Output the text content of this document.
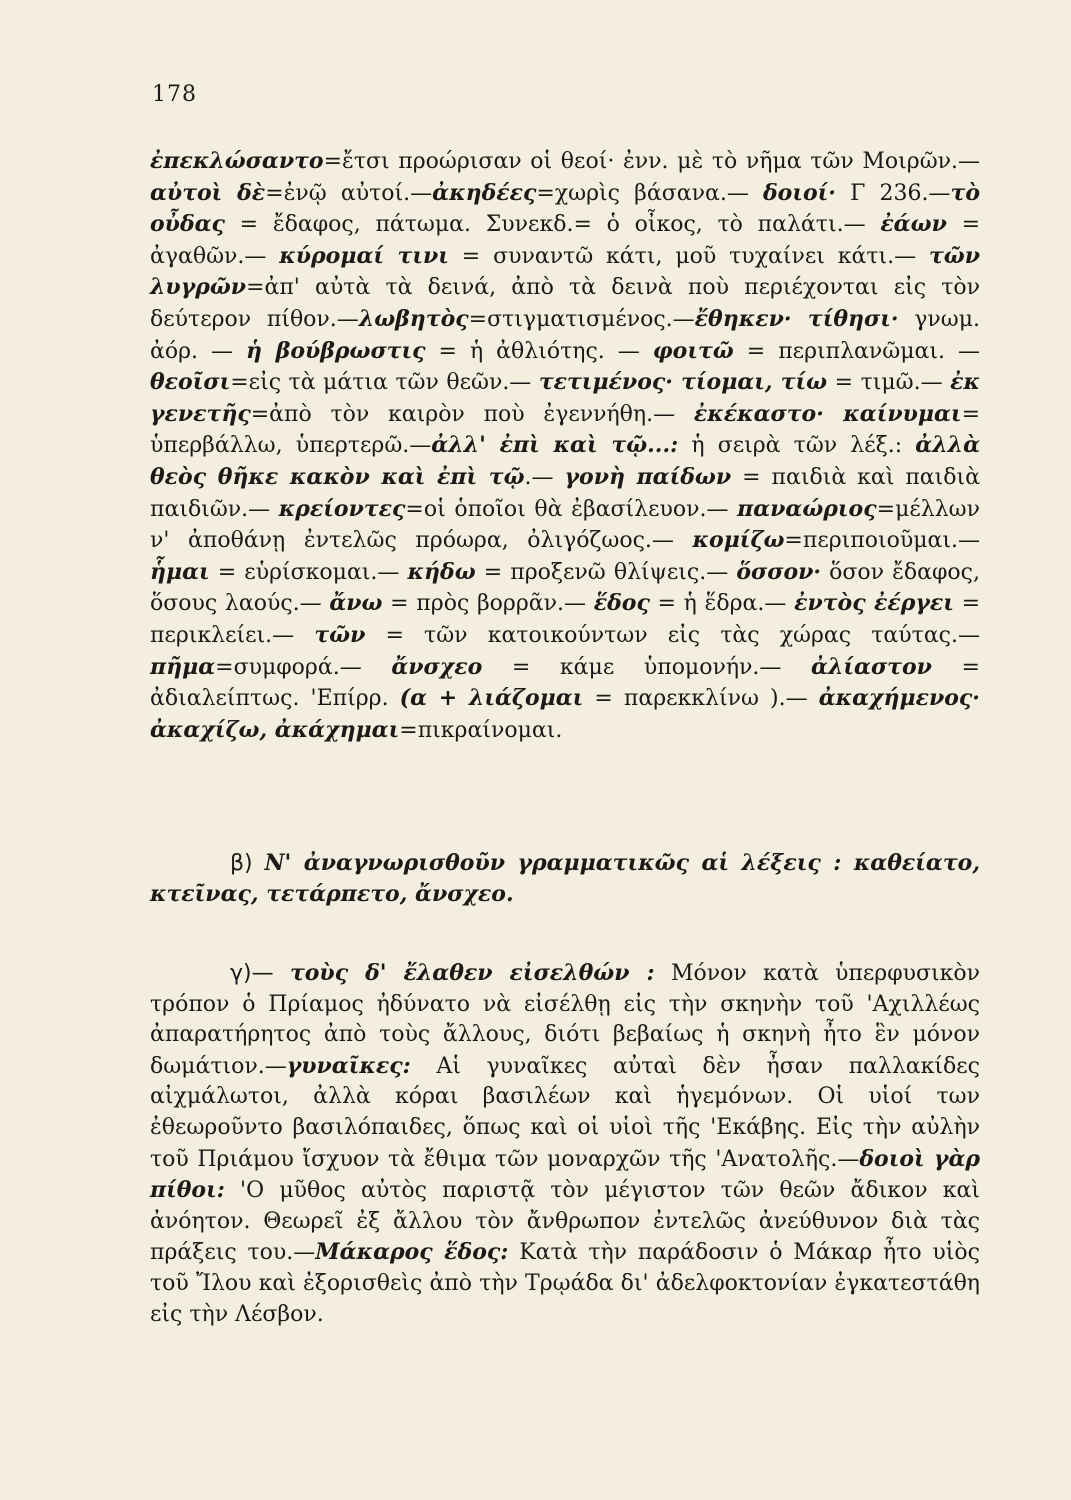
178

ἐπεκλώσαντο=ἔτσι προώρισαν οἱ θεοί· ἐνν. μὲ τὸ νῆμα τῶν Μοιρῶν.— αὐτοὶ δὲ=ἐνῷ αὐτοί.—ἀκηδέες=χωρὶς βάσανα.— δοιοί· Γ 236.—τὸ οὖδας = ἔδαφος, πάτωμα. Συνεκδ.= ὁ οἶκος, τὸ παλάτι.— ἐάων = ἀγαθῶν.— κύρομαί τινι = συναντῶ κάτι, μοῦ τυχαίνει κάτι.— τῶν λυγρῶν=ἀπ' αὐτὰ τὰ δεινά, ἀπὸ τὰ δεινὰ ποὺ περιέχονται εἰς τὸν δεύτερον πίθον.—λωβητὸς=στιγματισμένος.—ἔθηκεν· τίθησι· γνωμ. ἀόρ. — ἡ βούβρωστις = ἡ ἀθλιότης. — φοιτῶ = περιπλανῶμαι. — θεοῖσι=εἰς τὰ μάτια τῶν θεῶν.— τετιμένος· τίομαι, τίω = τιμῶ.— ἐκ γενετῆς=ἀπὸ τὸν καιρὸν ποὺ ἐγεννήθη.— ἐκέκαστο· καίνυμαι= ὑπερβάλλω, ὑπερτερῶ.—ἀλλ' ἐπὶ καὶ τῷ...: ἡ σειρὰ τῶν λέξ.: ἀλλὰ θεὸς θῆκε κακὸν καὶ ἐπὶ τῷ.— γονὴ παίδων = παιδιὰ καὶ παιδιὰ παιδιῶν.— κρείοντες=οἱ ὁποῖοι θὰ ἐβασίλευον.— παναώριος=μέλλων ν' ἀποθάνῃ ἐντελῶς πρόωρα, ὀλιγόζωος.— κομίζω=περιποιοῦμαι.— ἧμαι = εὑρίσκομαι.— κήδω = προξενῶ θλίψεις.— ὅσσον· ὅσον ἔδαφος, ὅσους λαούς.— ἄνω = πρὸς βορρᾶν.— ἕδος = ἡ ἕδρα.— ἐντὸς ἐέργει = περικλείει.— τῶν = τῶν κατοικούντων εἰς τὰς χώρας ταύτας.— πῆμα=συμφορά.— ἄνσχεο = κάμε ὑπομονήν.— ἀλίαστον = ἀδιαλείπτως. 'Επίρρ. (α + λιάζομαι = παρεκκλίνω ).— ἀκαχήμενος· ἀκαχίζω, ἀκάχημαι=πικραίνομαι.

β) Ν' ἀναγνωρισθοῦν γραμματικῶς αἱ λέξεις : καθείατο, κτεῖνας, τετάρπετο, ἄνσχεο.
γ)— τοὺς δ' ἔλαθεν εἰσελθών : Μόνον κατὰ ὑπερφυσικὸν τρόπον ὁ Πρίαμος ἠδύνατο νὰ εἰσέλθῃ εἰς τὴν σκηνὴν τοῦ 'Αχιλλέως ἀπαρατήρητος ἀπὸ τοὺς ἄλλους, διότι βεβαίως ἡ σκηνὴ ἦτο ἓν μόνον δωμάτιον.—γυναῖκες: Αἱ γυναῖκες αὐταὶ δὲν ἦσαν παλλακίδες αἰχμάλωτοι, ἀλλὰ κόραι βασιλέων καὶ ἡγεμόνων. Οἱ υἱοί των ἐθεωροῦντο βασιλόπαιδες, ὅπως καὶ οἱ υἱοὶ τῆς 'Εκάβης. Εἰς τὴν αὐλὴν τοῦ Πριάμου ἴσχυον τὰ ἔθιμα τῶν μοναρχῶν τῆς 'Ανατολῆς.—δοιοὶ γὰρ πίθοι: 'Ο μῦθος αὐτὸς παριστᾷ τὸν μέγιστον τῶν θεῶν ἄδικον καὶ ἀνόητον. Θεωρεῖ ἐξ ἄλλου τὸν ἄνθρωπον ἐντελῶς ἀνεύθυνον διὰ τὰς πράξεις του.—Μάκαρος ἕδος: Κατὰ τὴν παράδοσιν ὁ Μάκαρ ἦτο υἱὸς τοῦ Ἴλου καὶ ἐξορισθεὶς ἀπὸ τὴν Τρῳάδα δι' ἀδελφοκτονίαν ἐγκατεστάθη εἰς τὴν Λέσβον.
